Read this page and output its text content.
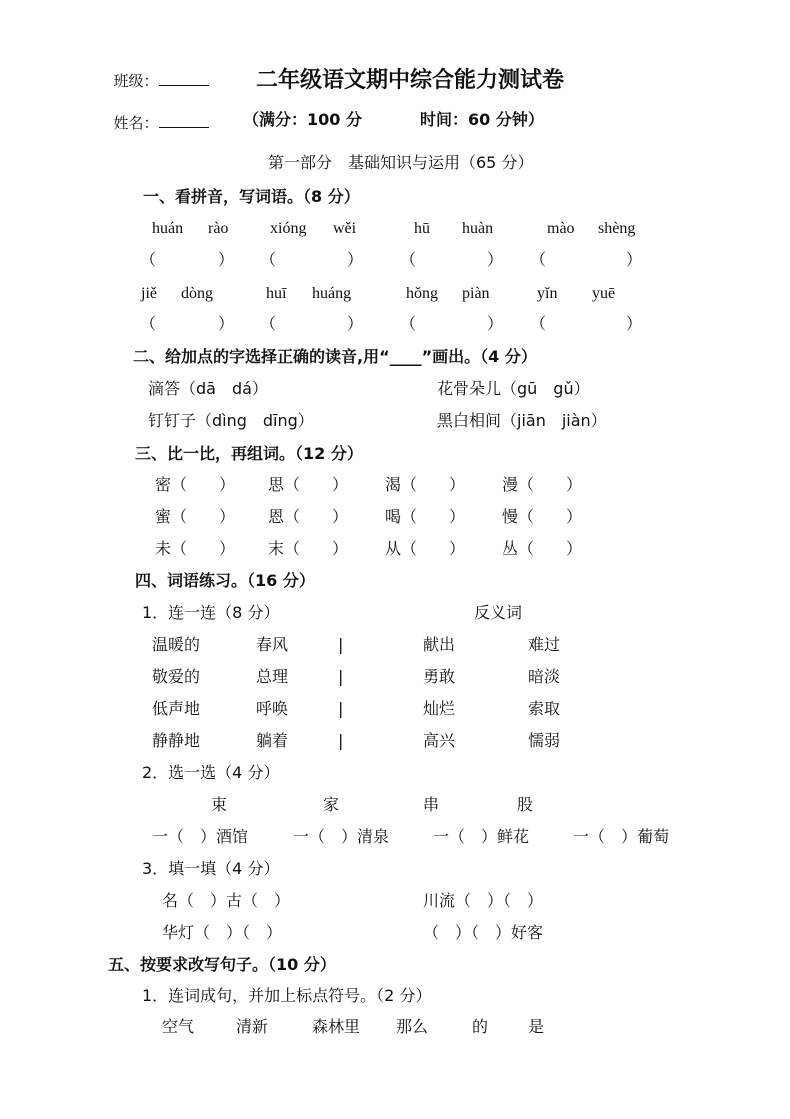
班级：

姓名：

二年级语文期中综合能力测试卷
（满分：100 分	时间：60 分钟）
第一部分　基础知识与运用（65 分）
一、看拼音，写词语。（8 分）
huán rào	xióng wěi	hū huàn	mào shèng
（	） （	） （	） （	）
jiě dòng	huī huáng	hǒng piàn	yǐn yuē
（	） （	） （	） （	）
二、给加点的字选择正确的读音,用“____”画出。（4 分）
滴答（dā　dá）	花骨朵儿（gū　gǔ）
钉钉子（dìng　dīng）	黑白相间（jiān　jiàn）
三、比一比，再组词。（12 分）
密（　　） 思（　　） 渴（　　） 漫（　　）
蜜（　　） 恩（　　） 喝（　　） 慢（　　）
未（　　） 末（　　） 从（　　） 丛（　　）
四、词语练习。（16 分）
1．连一连（8 分）	反义词
温暖的	春风	|	献出	难过
敬爱的	总理	|	勇敢	暗淡
低声地	呼唤	|	灿烂	索取
静静地	躺着	|	高兴	懦弱
2．选一选（4 分）
束	家	串	股
一（　）酒馆	一（　）清泉	一（　）鲜花	一（　）葡萄
3．填一填（4 分）
名（　）古（　）	川流（　）（　）
华灯（　）（　）	（　）（　）好客
五、按要求改写句子。（10 分）
1．连词成句，并加上标点符号。（2 分）
空气	清新	森林里 那么	的 是
